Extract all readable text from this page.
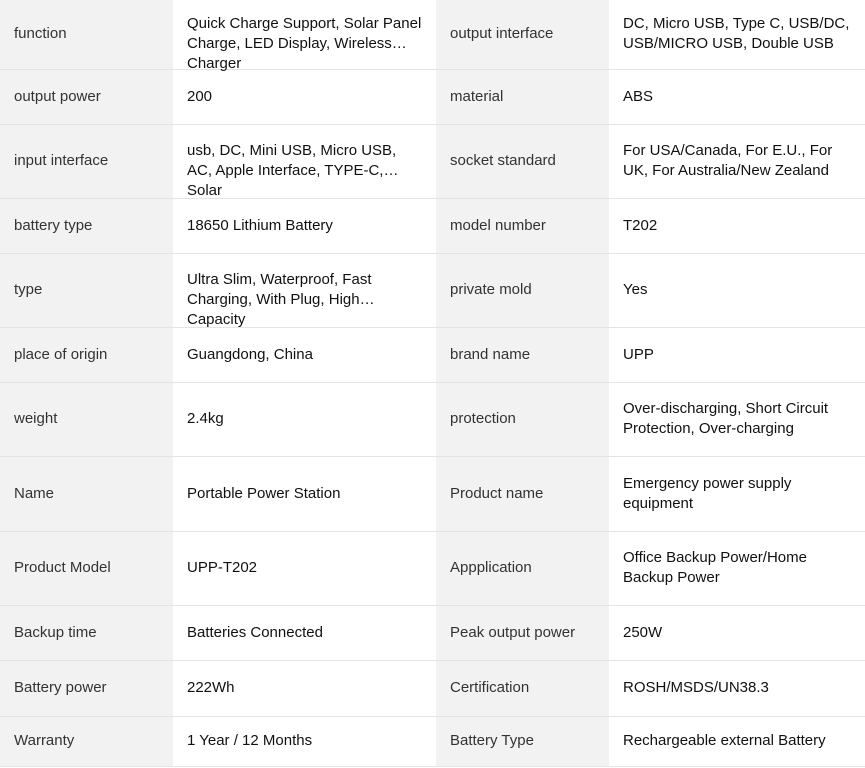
function	Quick Charge Support, Solar Panel Charge, LED Display, Wireless Charger	output interface	DC, Micro USB, Type C, USB/DC, USB/MICRO USB, Double USB

output power	200	material	ABS

input interface	usb, DC, Mini USB, Micro USB, AC, Apple Interface, TYPE-C, Solar	socket standard	For USA/Canada, For E.U., For UK, For Australia/New Zealand

battery type	18650 Lithium Battery	model number	T202

type	Ultra Slim, Waterproof, Fast Charging, With Plug, High Capacity	private mold	Yes

place of origin	Guangdong, China	brand name	UPP

weight	2.4kg	protection	Over-discharging, Short Circuit Protection, Over-charging

Name	Portable Power Station	Product name	Emergency power supply equipment

Product Model	UPP-T202	Appplication	Office Backup Power/Home Backup Power

Backup time	Batteries Connected	Peak output power	250W

Battery power	222Wh	Certification	ROSH/MSDS/UN38.3

Warranty	1 Year / 12 Months	Battery Type	Rechargeable external Battery
